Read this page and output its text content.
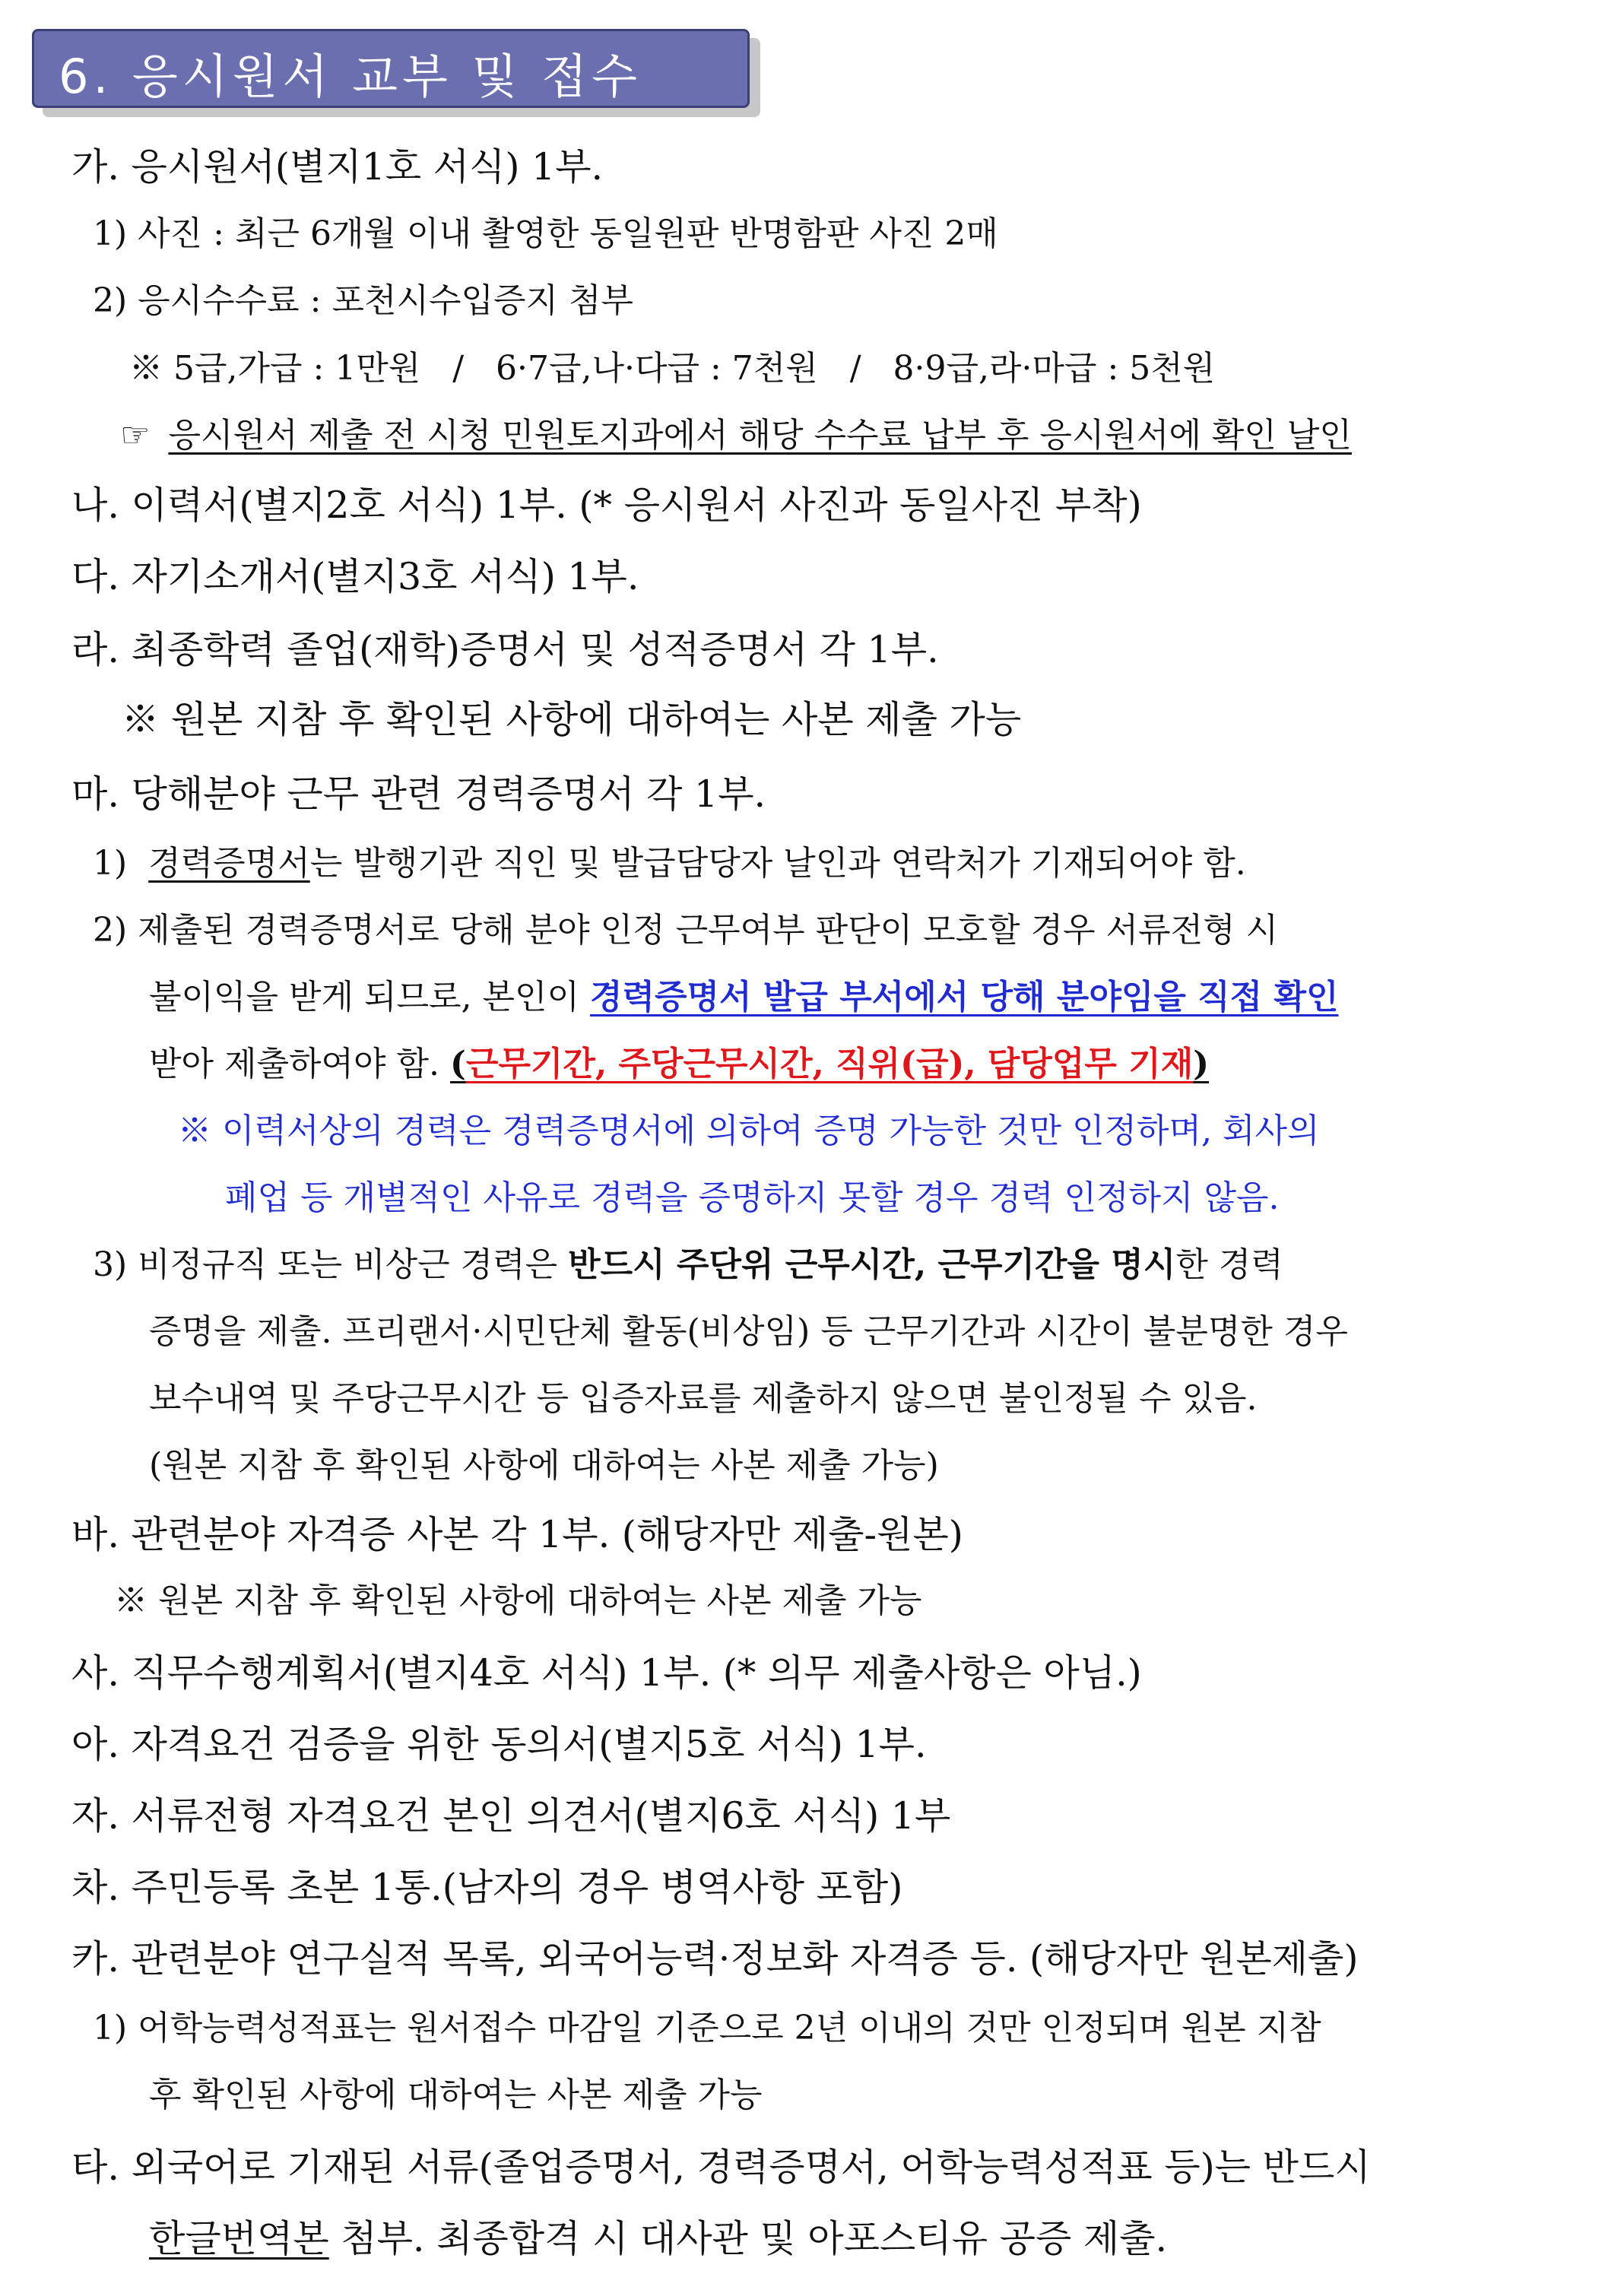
6. 응시원서 교부 및 접수
가. 응시원서(별지1호 서식) 1부.
1) 사진 : 최근 6개월 이내 촬영한 동일원판 반명함판 사진 2매
2) 응시수수료 : 포천시수입증지 첨부
※ 5급,가급 : 1만원   /   6·7급,나·다급 : 7천원   /   8·9급,라·마급 : 5천원
☞ 응시원서 제출 전 시청 민원토지과에서 해당 수수료 납부 후 응시원서에 확인 날인
나. 이력서(별지2호 서식) 1부. (* 응시원서 사진과 동일사진 부착)
다. 자기소개서(별지3호 서식) 1부.
라. 최종학력 졸업(재학)증명서 및 성적증명서 각 1부.
※ 원본 지참 후 확인된 사항에 대하여는 사본 제출 가능
마. 당해분야 근무 관련 경력증명서 각 1부.
1) 경력증명서는 발행기관 직인 및 발급담당자 날인과 연락처가 기재되어야 함.
2) 제출된 경력증명서로 당해 분야 인정 근무여부 판단이 모호할 경우 서류전형 시
불이익을 받게 되므로, 본인이 경력증명서 발급 부서에서 당해 분야임을 직접 확인
받아 제출하여야 함. (근무기간, 주당근무시간, 직위(급), 담당업무 기재)
※ 이력서상의 경력은 경력증명서에 의하여 증명 가능한 것만 인정하며, 회사의
폐업 등 개별적인 사유로 경력을 증명하지 못할 경우 경력 인정하지 않음.
3) 비정규직 또는 비상근 경력은 반드시 주단위 근무시간, 근무기간을 명시한 경력
증명을 제출. 프리랜서·시민단체 활동(비상임) 등 근무기간과 시간이 불분명한 경우
보수내역 및 주당근무시간 등 입증자료를 제출하지 않으면 불인정될 수 있음.
(원본 지참 후 확인된 사항에 대하여는 사본 제출 가능)
바. 관련분야 자격증 사본 각 1부. (해당자만 제출-원본)
※ 원본 지참 후 확인된 사항에 대하여는 사본 제출 가능
사. 직무수행계획서(별지4호 서식) 1부. (* 의무 제출사항은 아님.)
아. 자격요건 검증을 위한 동의서(별지5호 서식) 1부.
자. 서류전형 자격요건 본인 의견서(별지6호 서식) 1부
차. 주민등록 초본 1통.(남자의 경우 병역사항 포함)
카. 관련분야 연구실적 목록, 외국어능력·정보화 자격증 등. (해당자만 원본제출)
1) 어학능력성적표는 원서접수 마감일 기준으로 2년 이내의 것만 인정되며 원본 지참
후 확인된 사항에 대하여는 사본 제출 가능
타. 외국어로 기재된 서류(졸업증명서, 경력증명서, 어학능력성적표 등)는 반드시
한글번역본 첨부. 최종합격 시 대사관 및 아포스티유 공증 제출.
